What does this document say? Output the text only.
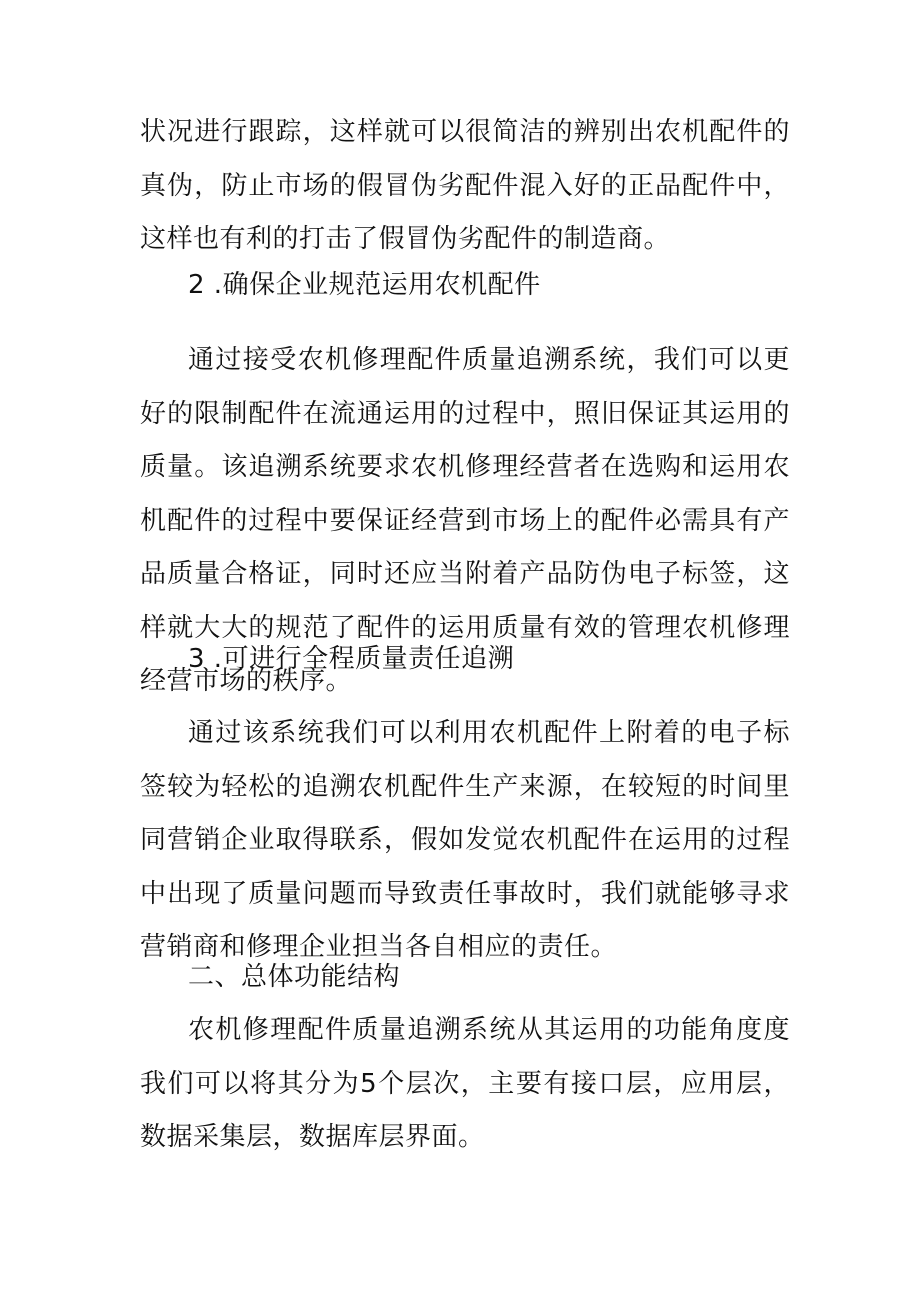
状况进行跟踪，这样就可以很简洁的辨别出农机配件的真伪，防止市场的假冒伪劣配件混入好的正品配件中，这样也有利的打击了假冒伪劣配件的制造商。

2 .确保企业规范运用农机配件

通过接受农机修理配件质量追溯系统，我们可以更好的限制配件在流通运用的过程中，照旧保证其运用的质量。该追溯系统要求农机修理经营者在选购和运用农机配件的过程中要保证经营到市场上的配件必需具有产品质量合格证，同时还应当附着产品防伪电子标签，这样就大大的规范了配件的运用质量有效的管理农机修理经营市场的秩序。

3 .可进行全程质量责任追溯

通过该系统我们可以利用农机配件上附着的电子标签较为轻松的追溯农机配件生产来源，在较短的时间里同营销企业取得联系，假如发觉农机配件在运用的过程中出现了质量问题而导致责任事故时，我们就能够寻求营销商和修理企业担当各自相应的责任。

二、总体功能结构

农机修理配件质量追溯系统从其运用的功能角度度我们可以将其分为5个层次，主要有接口层，应用层，数据采集层，数据库层界面。
